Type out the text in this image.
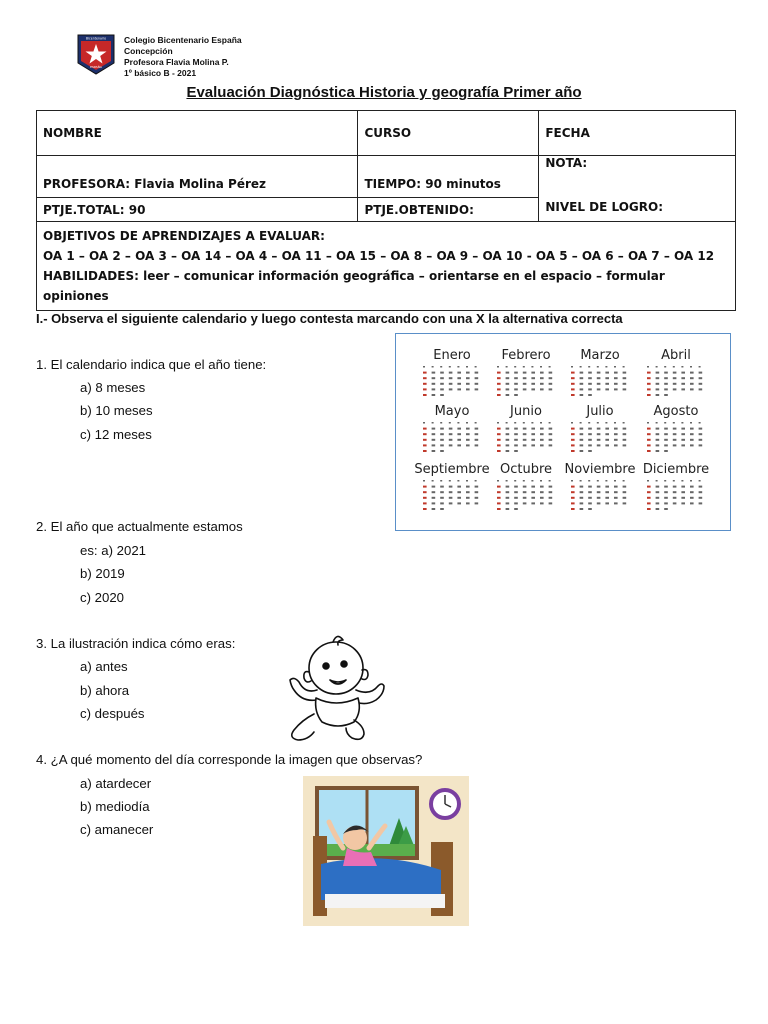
Bicentenario
ESPAÑA
Colegio Bicentenario España
Concepción
Profesora Flavia Molina P.
1º básico B - 2021
Evaluación Diagnóstica Historia y geografía Primer año
NOMBRE	CURSO	FECHA
PROFESORA: Flavia Molina Pérez	TIEMPO: 90 minutos	NOTA:
NIVEL DE LOGRO:

PTJE.TOTAL: 90	PTJE.OBTENIDO:	

OBJETIVOS DE APRENDIZAJES A EVALUAR:
OA 1 – OA 2 – OA 3 – OA 14 – OA 4 – OA 11 – OA 15 – OA 8 – OA 9 – OA 10 - OA 5 – OA 6 – OA 7 – OA 12
HABILIDADES: leer – comunicar información geográfica – orientarse en el espacio – formular opiniones		
I.- Observa el siguiente calendario y luego contesta marcando con una X la alternativa correcta
1. El calendario indica que el año tiene:
a) 8 meses
b) 10 meses
c) 12 meses
Enero	Febrero	Marzo	Abril
Mayo	Junio	Julio	Agosto
Septiembre Octubre Noviembre Diciembre
2. El año que actualmente estamos
es: a) 2021
b) 2019
c) 2020
3. La ilustración indica cómo eras:
a) antes
b) ahora
c) después
4. ¿A qué momento del día corresponde la imagen que observas?
a) atardecer
b) mediodía
c) amanecer
